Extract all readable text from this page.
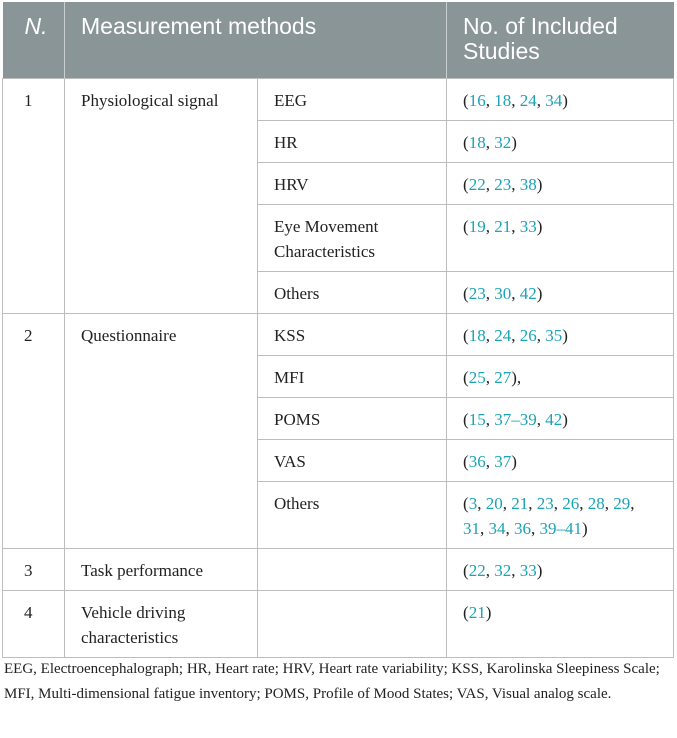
N.	Measurement methods		No. of Included Studies
1	Physiological signal	EEG	(16, 18, 24, 34)
		HR	(18, 32)
		HRV	(22, 23, 38)
		Eye Movement Characteristics	(19, 21, 33)
		Others	(23, 30, 42)
2	Questionnaire	KSS	(18, 24, 26, 35)
		MFI	(25, 27),
		POMS	(15, 37–39, 42)
		VAS	(36, 37)
		Others	(3, 20, 21, 23, 26, 28, 29, 31, 34, 36, 39–41)
3	Task performance		(22, 32, 33)
4	Vehicle driving characteristics		(21)
EEG, Electroencephalograph; HR, Heart rate; HRV, Heart rate variability; KSS, Karolinska Sleepiness Scale; MFI, Multi-dimensional fatigue inventory; POMS, Profile of Mood States; VAS, Visual analog scale.
